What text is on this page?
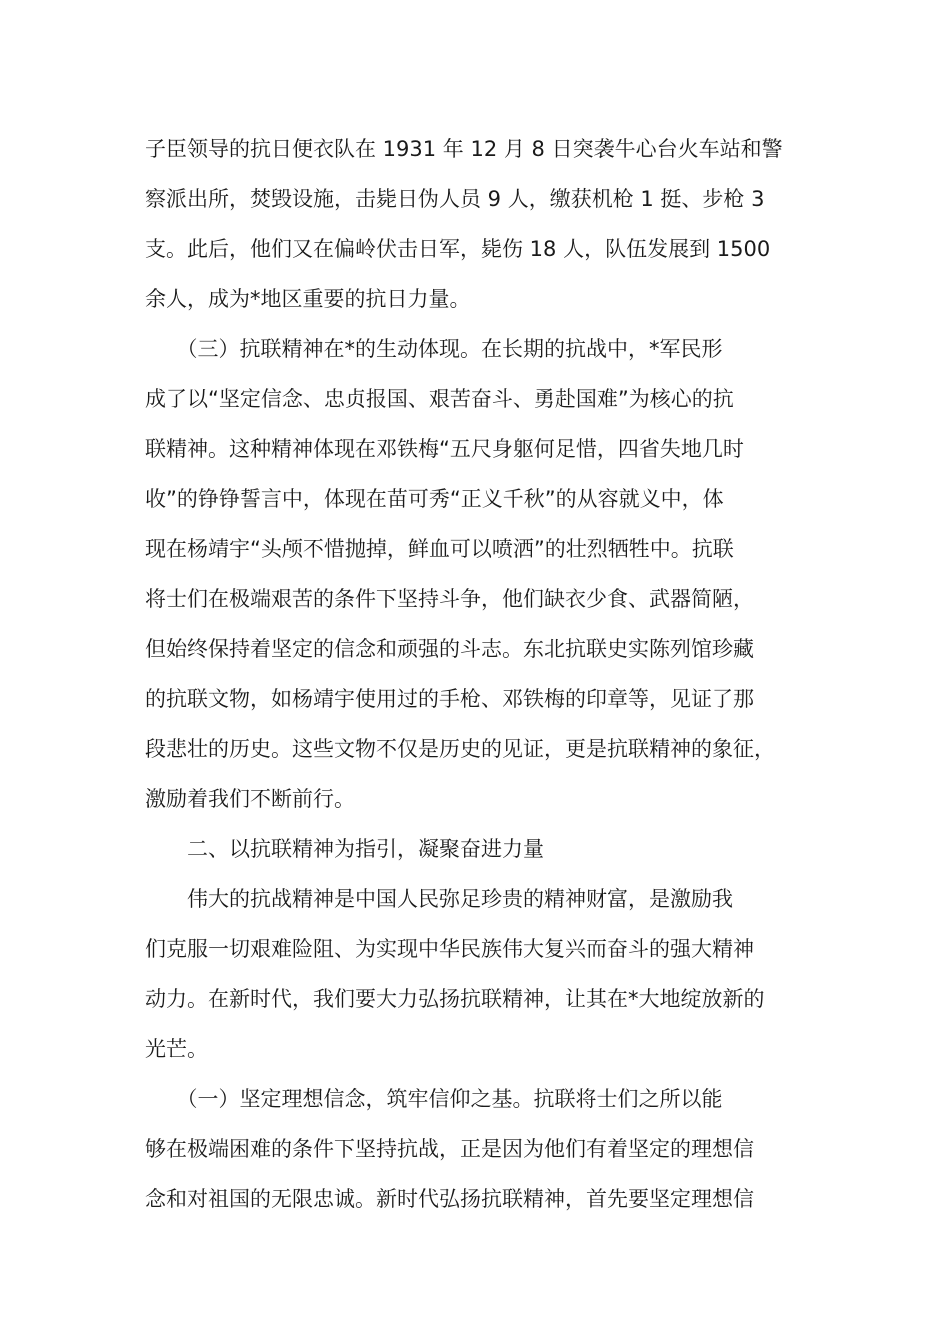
子臣领导的抗日便衣队在 1931 年 12 月 8 日突袭牛心台火车站和警
察派出所，焚毁设施，击毙日伪人员 9 人，缴获机枪 1 挺、步枪 3
支。此后，他们又在偏岭伏击日军，毙伤 18 人，队伍发展到 1500
余人，成为*地区重要的抗日力量。
　　（三）抗联精神在*的生动体现。在长期的抗战中，*军民形
成了以“坚定信念、忠贞报国、艰苦奋斗、勇赴国难”为核心的抗
联精神。这种精神体现在邓铁梅“五尺身躯何足惜，四省失地几时
收”的铮铮誓言中，体现在苗可秀“正义千秋”的从容就义中，体
现在杨靖宇“头颅不惜抛掉，鲜血可以喷洒”的壮烈牺牲中。抗联
将士们在极端艰苦的条件下坚持斗争，他们缺衣少食、武器简陋，
但始终保持着坚定的信念和顽强的斗志。东北抗联史实陈列馆珍藏
的抗联文物，如杨靖宇使用过的手枪、邓铁梅的印章等，见证了那
段悲壮的历史。这些文物不仅是历史的见证，更是抗联精神的象征，
激励着我们不断前行。
　　二、以抗联精神为指引，凝聚奋进力量
　　伟大的抗战精神是中国人民弥足珍贵的精神财富，是激励我
们克服一切艰难险阻、为实现中华民族伟大复兴而奋斗的强大精神
动力。在新时代，我们要大力弘扬抗联精神，让其在*大地绽放新的
光芒。
　　（一）坚定理想信念，筑牢信仰之基。抗联将士们之所以能
够在极端困难的条件下坚持抗战，正是因为他们有着坚定的理想信
念和对祖国的无限忠诚。新时代弘扬抗联精神，首先要坚定理想信
